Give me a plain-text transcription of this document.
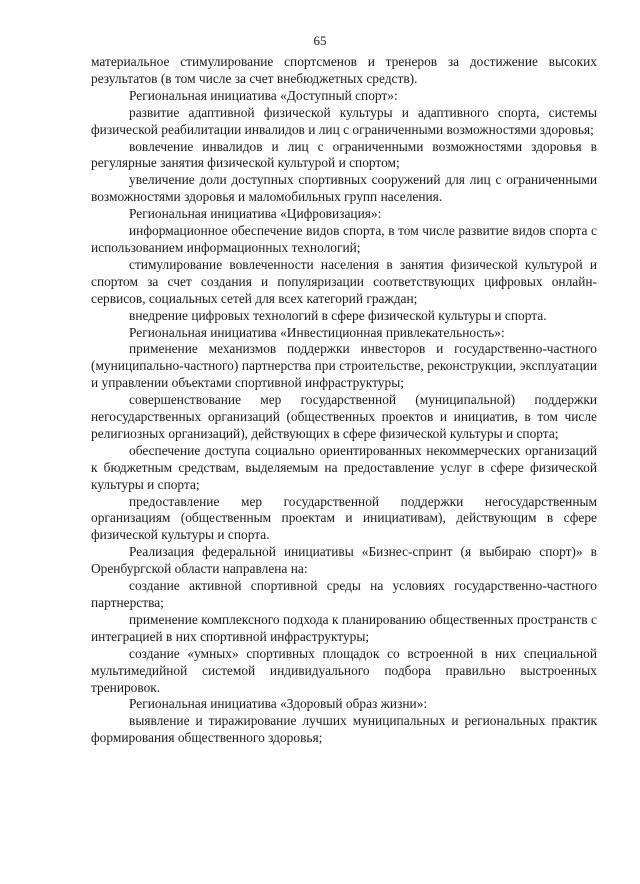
65

материальное стимулирование спортсменов и тренеров за достижение высоких результатов (в том числе за счет внебюджетных средств).

Региональная инициатива «Доступный спорт»:

развитие адаптивной физической культуры и адаптивного спорта, системы физической реабилитации инвалидов и лиц с ограниченными возможностями здоровья;

вовлечение инвалидов и лиц с ограниченными возможностями здоровья в регулярные занятия физической культурой и спортом;

увеличение доли доступных спортивных сооружений для лиц с ограниченными возможностями здоровья и маломобильных групп населения.

Региональная инициатива «Цифровизация»:

информационное обеспечение видов спорта, в том числе развитие видов спорта с использованием информационных технологий;

стимулирование вовлеченности населения в занятия физической культурой и спортом за счет создания и популяризации соответствующих цифровых онлайн-сервисов, социальных сетей для всех категорий граждан;

внедрение цифровых технологий в сфере физической культуры и спорта.

Региональная инициатива «Инвестиционная привлекательность»:

применение механизмов поддержки инвесторов и государственно-частного (муниципально-частного) партнерства при строительстве, реконструкции, эксплуатации и управлении объектами спортивной инфраструктуры;

совершенствование мер государственной (муниципальной) поддержки негосударственных организаций (общественных проектов и инициатив, в том числе религиозных организаций), действующих в сфере физической культуры и спорта;

обеспечение доступа социально ориентированных некоммерческих организаций к бюджетным средствам, выделяемым на предоставление услуг в сфере физической культуры и спорта;

предоставление мер государственной поддержки негосударственным организациям (общественным проектам и инициативам), действующим в сфере физической культуры и спорта.

Реализация федеральной инициативы «Бизнес-спринт (я выбираю спорт)» в Оренбургской области направлена на:

создание активной спортивной среды на условиях государственно-частного партнерства;

применение комплексного подхода к планированию общественных пространств с интеграцией в них спортивной инфраструктуры;

создание «умных» спортивных площадок со встроенной в них специальной мультимедийной системой индивидуального подбора правильно выстроенных тренировок.

Региональная инициатива «Здоровый образ жизни»:

выявление и тиражирование лучших муниципальных и региональных практик формирования общественного здоровья;
